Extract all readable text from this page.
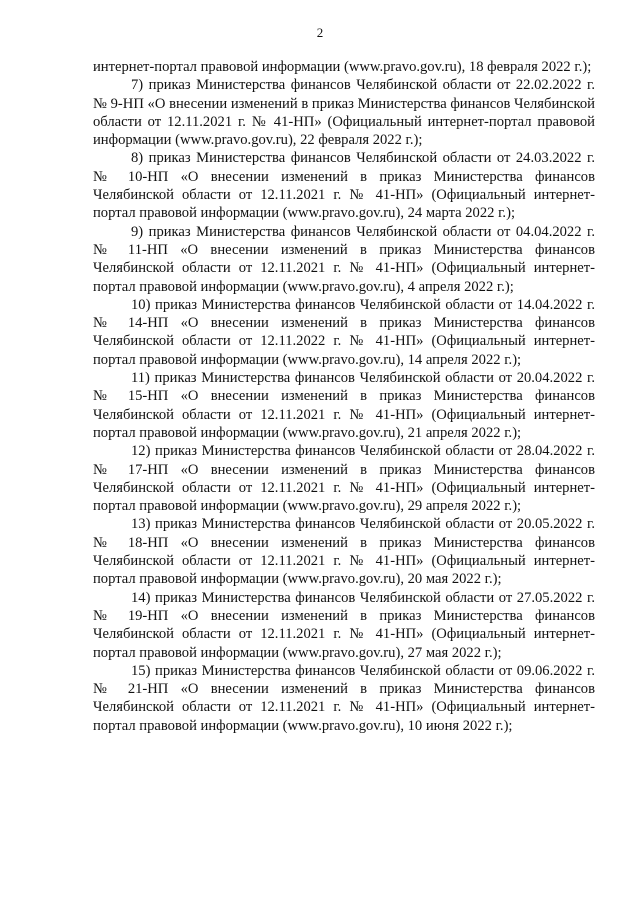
2

интернет-портал правовой информации (www.pravo.gov.ru), 18 февраля 2022 г.);

7) приказ Министерства финансов Челябинской области от 22.02.2022 г. № 9-НП «О внесении изменений в приказ Министерства финансов Челябинской области от 12.11.2021 г. № 41-НП» (Официальный интернет-портал правовой информации (www.pravo.gov.ru), 22 февраля 2022 г.);

8) приказ Министерства финансов Челябинской области от 24.03.2022 г. № 10-НП «О внесении изменений в приказ Министерства финансов Челябинской области от 12.11.2021 г. № 41-НП» (Официальный интернет-портал правовой информации (www.pravo.gov.ru), 24 марта 2022 г.);

9) приказ Министерства финансов Челябинской области от 04.04.2022 г. № 11-НП «О внесении изменений в приказ Министерства финансов Челябинской области от 12.11.2021 г. № 41-НП» (Официальный интернет-портал правовой информации (www.pravo.gov.ru), 4 апреля 2022 г.);

10) приказ Министерства финансов Челябинской области от 14.04.2022 г. № 14-НП «О внесении изменений в приказ Министерства финансов Челябинской области от 12.11.2022 г. № 41-НП» (Официальный интернет-портал правовой информации (www.pravo.gov.ru), 14 апреля 2022 г.);

11) приказ Министерства финансов Челябинской области от 20.04.2022 г. № 15-НП «О внесении изменений в приказ Министерства финансов Челябинской области от 12.11.2021 г. № 41-НП» (Официальный интернет-портал правовой информации (www.pravo.gov.ru), 21 апреля 2022 г.);

12) приказ Министерства финансов Челябинской области от 28.04.2022 г. № 17-НП «О внесении изменений в приказ Министерства финансов Челябинской области от 12.11.2021 г. № 41-НП» (Официальный интернет-портал правовой информации (www.pravo.gov.ru), 29 апреля 2022 г.);

13) приказ Министерства финансов Челябинской области от 20.05.2022 г. № 18-НП «О внесении изменений в приказ Министерства финансов Челябинской области от 12.11.2021 г. № 41-НП» (Официальный интернет-портал правовой информации (www.pravo.gov.ru), 20 мая 2022 г.);

14) приказ Министерства финансов Челябинской области от 27.05.2022 г. № 19-НП «О внесении изменений в приказ Министерства финансов Челябинской области от 12.11.2021 г. № 41-НП» (Официальный интернет-портал правовой информации (www.pravo.gov.ru), 27 мая 2022 г.);

15) приказ Министерства финансов Челябинской области от 09.06.2022 г. № 21-НП «О внесении изменений в приказ Министерства финансов Челябинской области от 12.11.2021 г. № 41-НП» (Официальный интернет-портал правовой информации (www.pravo.gov.ru), 10 июня 2022 г.);
